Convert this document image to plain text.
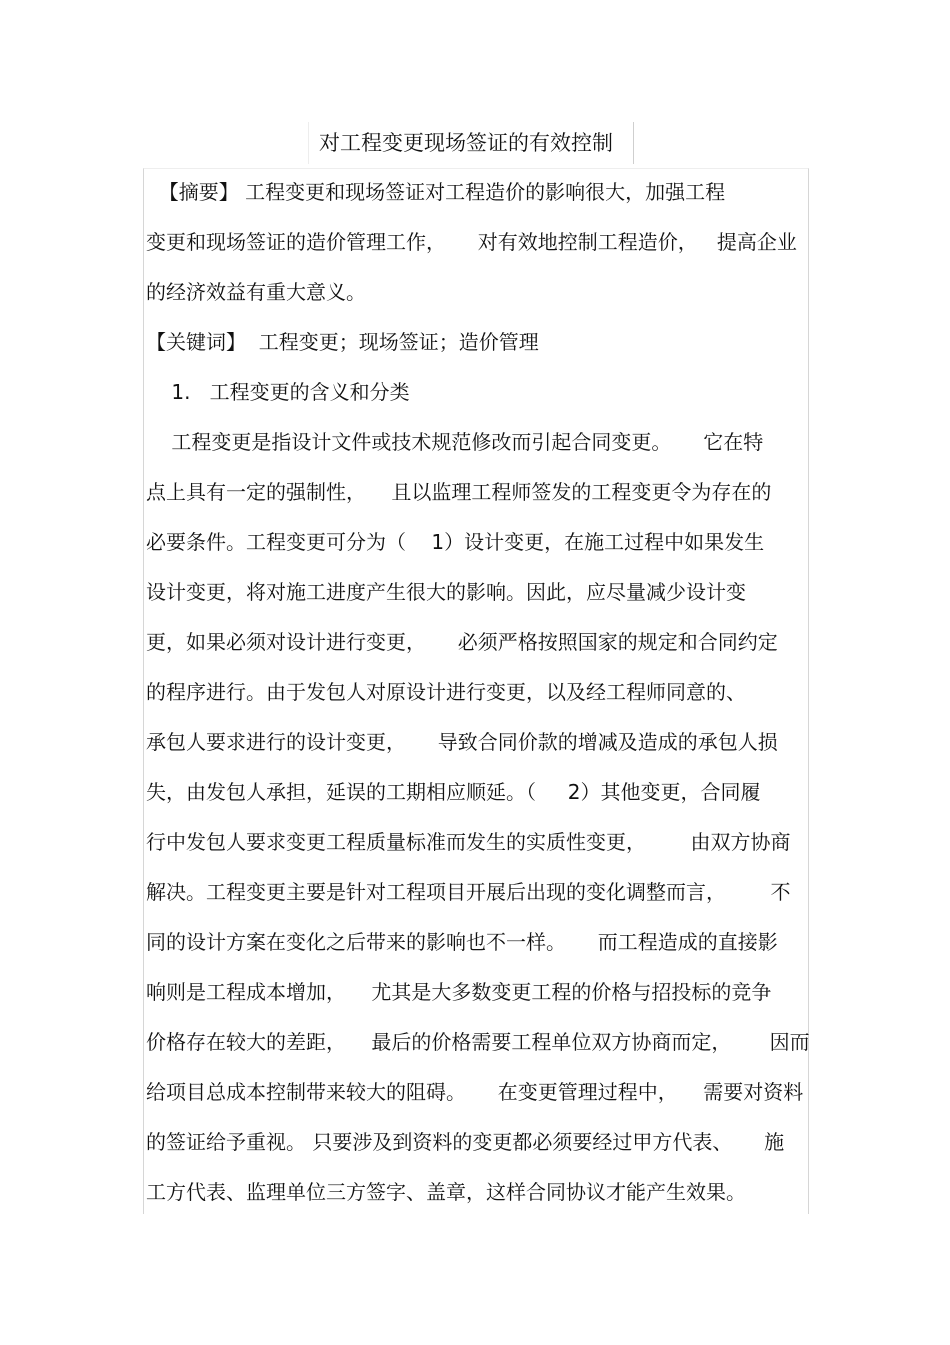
对工程变更现场签证的有效控制
【摘要】 工程变更和现场签证对工程造价的影响很大，加强工程
变更和现场签证的造价管理工作，     对有效地控制工程造价，   提高企业
的经济效益有重大意义。
【关键词】  工程变更；现场签证；造价管理
1.   工程变更的含义和分类
工程变更是指设计文件或技术规范修改而引起合同变更。     它在特
点上具有一定的强制性，    且以监理工程师签发的工程变更令为存在的
必要条件。工程变更可分为（    1）设计变更，在施工过程中如果发生
设计变更，将对施工进度产生很大的影响。因此，应尽量减少设计变
更，如果必须对设计进行变更，     必须严格按照国家的规定和合同约定
的程序进行。由于发包人对原设计进行变更，以及经工程师同意的、
承包人要求进行的设计变更，     导致合同价款的增减及造成的承包人损
失，由发包人承担，延误的工期相应顺延。（     2）其他变更，合同履
行中发包人要求变更工程质量标准而发生的实质性变更，       由双方协商
解决。工程变更主要是针对工程项目开展后出现的变化调整而言，       不
同的设计方案在变化之后带来的影响也不一样。     而工程造成的直接影
响则是工程成本增加，    尤其是大多数变更工程的价格与招投标的竞争
价格存在较大的差距，    最后的价格需要工程单位双方协商而定，      因而
给项目总成本控制带来较大的阻碍。     在变更管理过程中，    需要对资料
的签证给予重视。 只要涉及到资料的变更都必须要经过甲方代表、     施
工方代表、监理单位三方签字、盖章，这样合同协议才能产生效果。
